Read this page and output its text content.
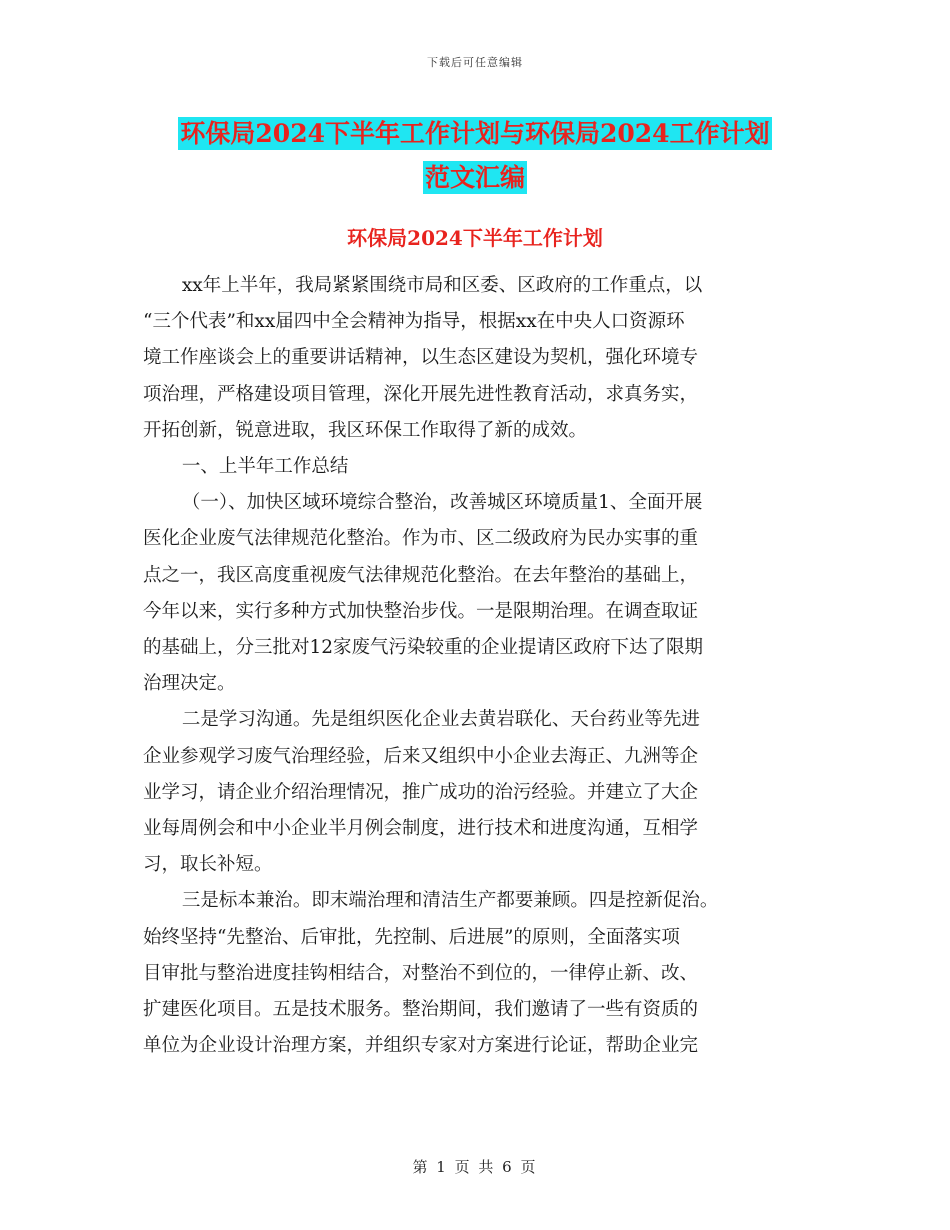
下载后可任意编辑
环保局2024下半年工作计划与环保局2024工作计划
范文汇编
环保局2024下半年工作计划

xx年上半年，我局紧紧围绕市局和区委、区政府的工作重点，以
“三个代表”和xx届四中全会精神为指导，根据xx在中央人口资源环
境工作座谈会上的重要讲话精神，以生态区建设为契机，强化环境专
项治理，严格建设项目管理，深化开展先进性教育活动，求真务实，
开拓创新，锐意进取，我区环保工作取得了新的成效。

一、上半年工作总结

（一）、加快区域环境综合整治，改善城区环境质量1、全面开展
医化企业废气法律规范化整治。作为市、区二级政府为民办实事的重
点之一，我区高度重视废气法律规范化整治。在去年整治的基础上，
今年以来，实行多种方式加快整治步伐。一是限期治理。在调查取证
的基础上，分三批对12家废气污染较重的企业提请区政府下达了限期
治理决定。

二是学习沟通。先是组织医化企业去黄岩联化、天台药业等先进
企业参观学习废气治理经验，后来又组织中小企业去海正、九洲等企
业学习，请企业介绍治理情况，推广成功的治污经验。并建立了大企
业每周例会和中小企业半月例会制度，进行技术和进度沟通，互相学
习，取长补短。

三是标本兼治。即末端治理和清洁生产都要兼顾。四是控新促治。
始终坚持“先整治、后审批，先控制、后进展”的原则，全面落实项
目审批与整治进度挂钩相结合，对整治不到位的，一律停止新、改、
扩建医化项目。五是技术服务。整治期间，我们邀请了一些有资质的
单位为企业设计治理方案，并组织专家对方案进行论证，帮助企业完

第 1 页 共 6 页
